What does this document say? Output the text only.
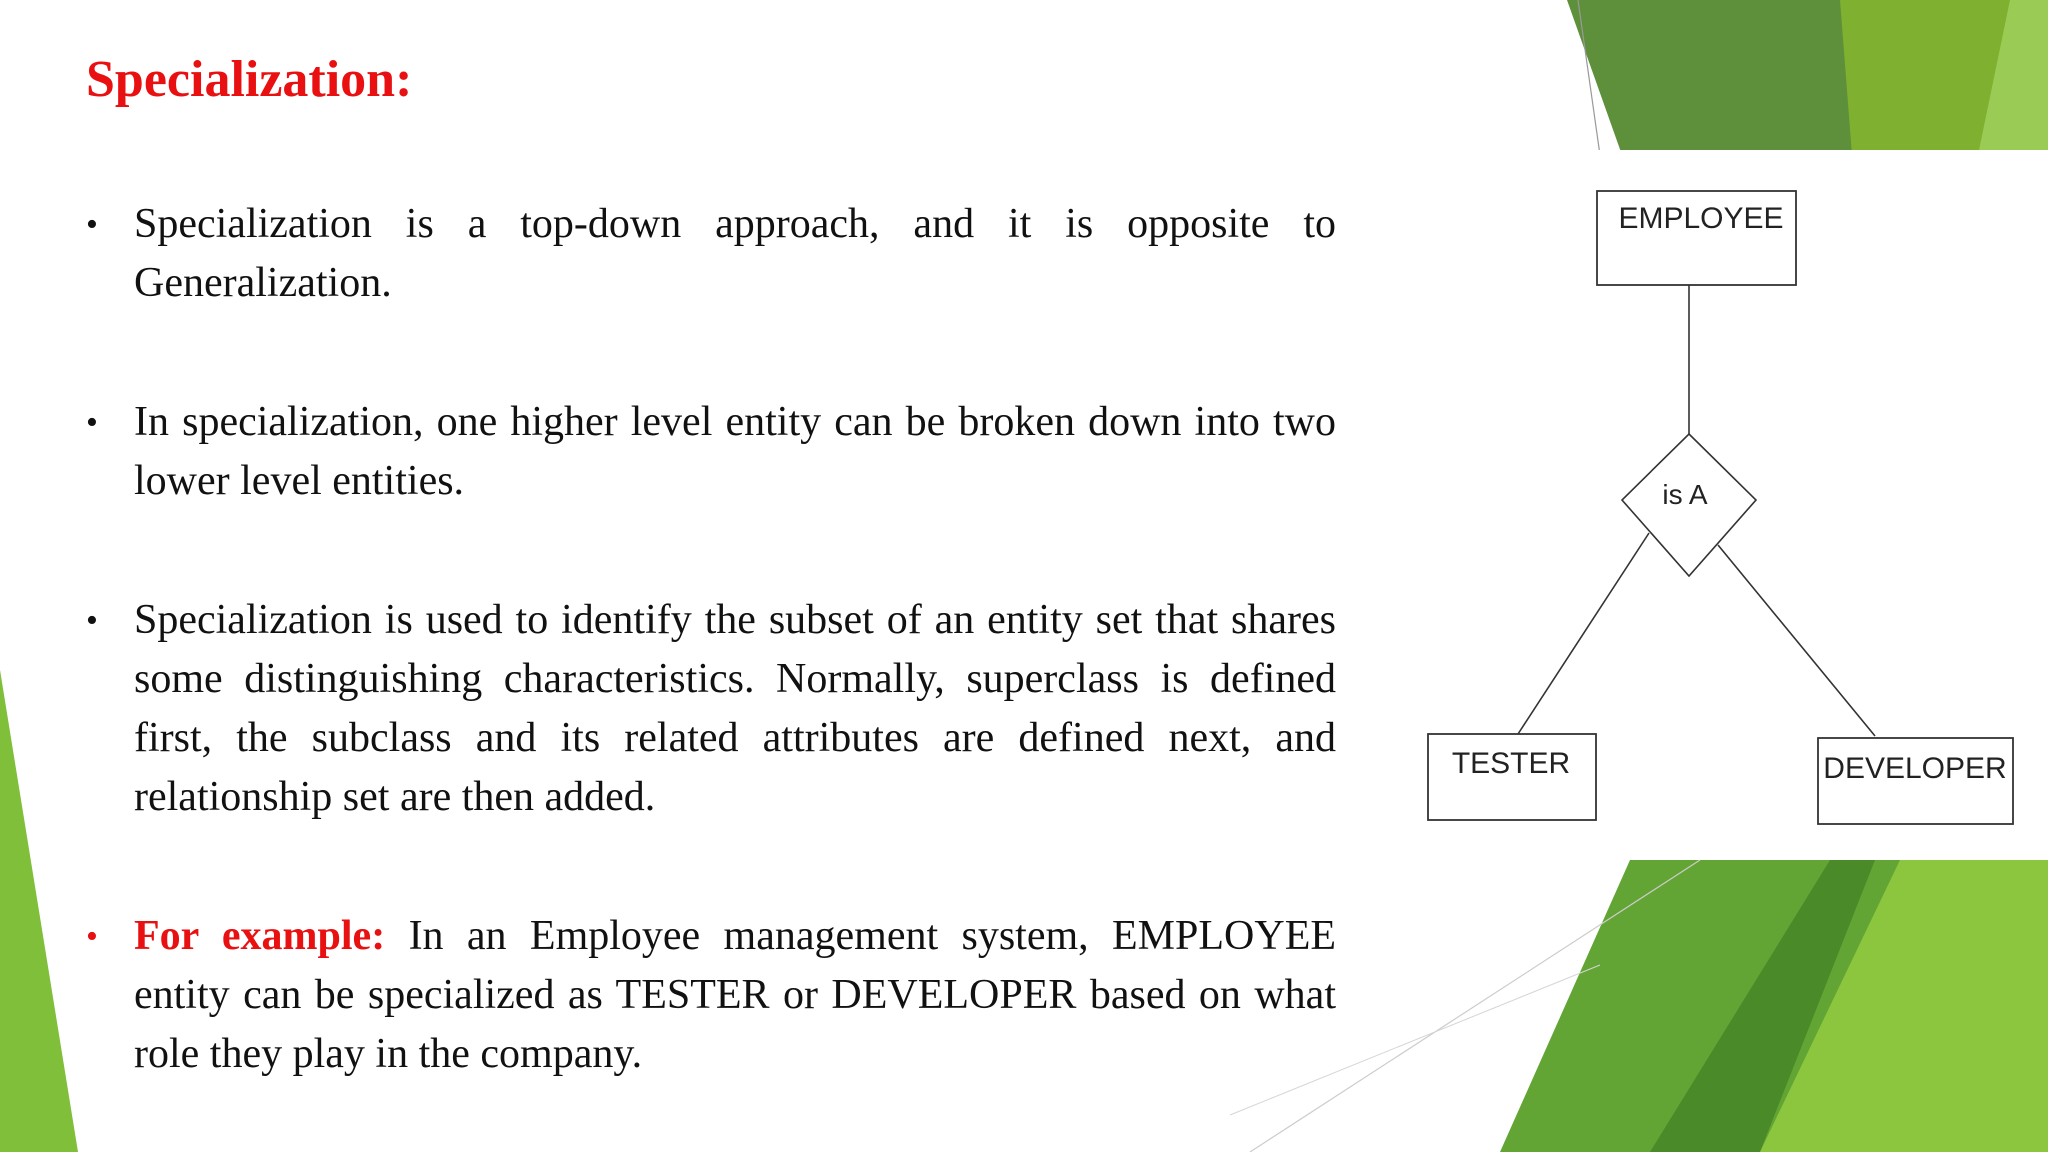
Specialization:
• Specialization is a top-down approach, and it is opposite to Generalization.
• In specialization, one higher level entity can be broken down into two lower level entities.
• Specialization is used to identify the subset of an entity set that shares some distinguishing characteristics. Normally, superclass is defined first, the subclass and its related attributes are defined next, and relationship set are then added.
• For example: In an Employee management system, EMPLOYEE entity can be specialized as TESTER or DEVELOPER based on what role they play in the company.
EMPLOYEE
is A
TESTER	DEVELOPER
